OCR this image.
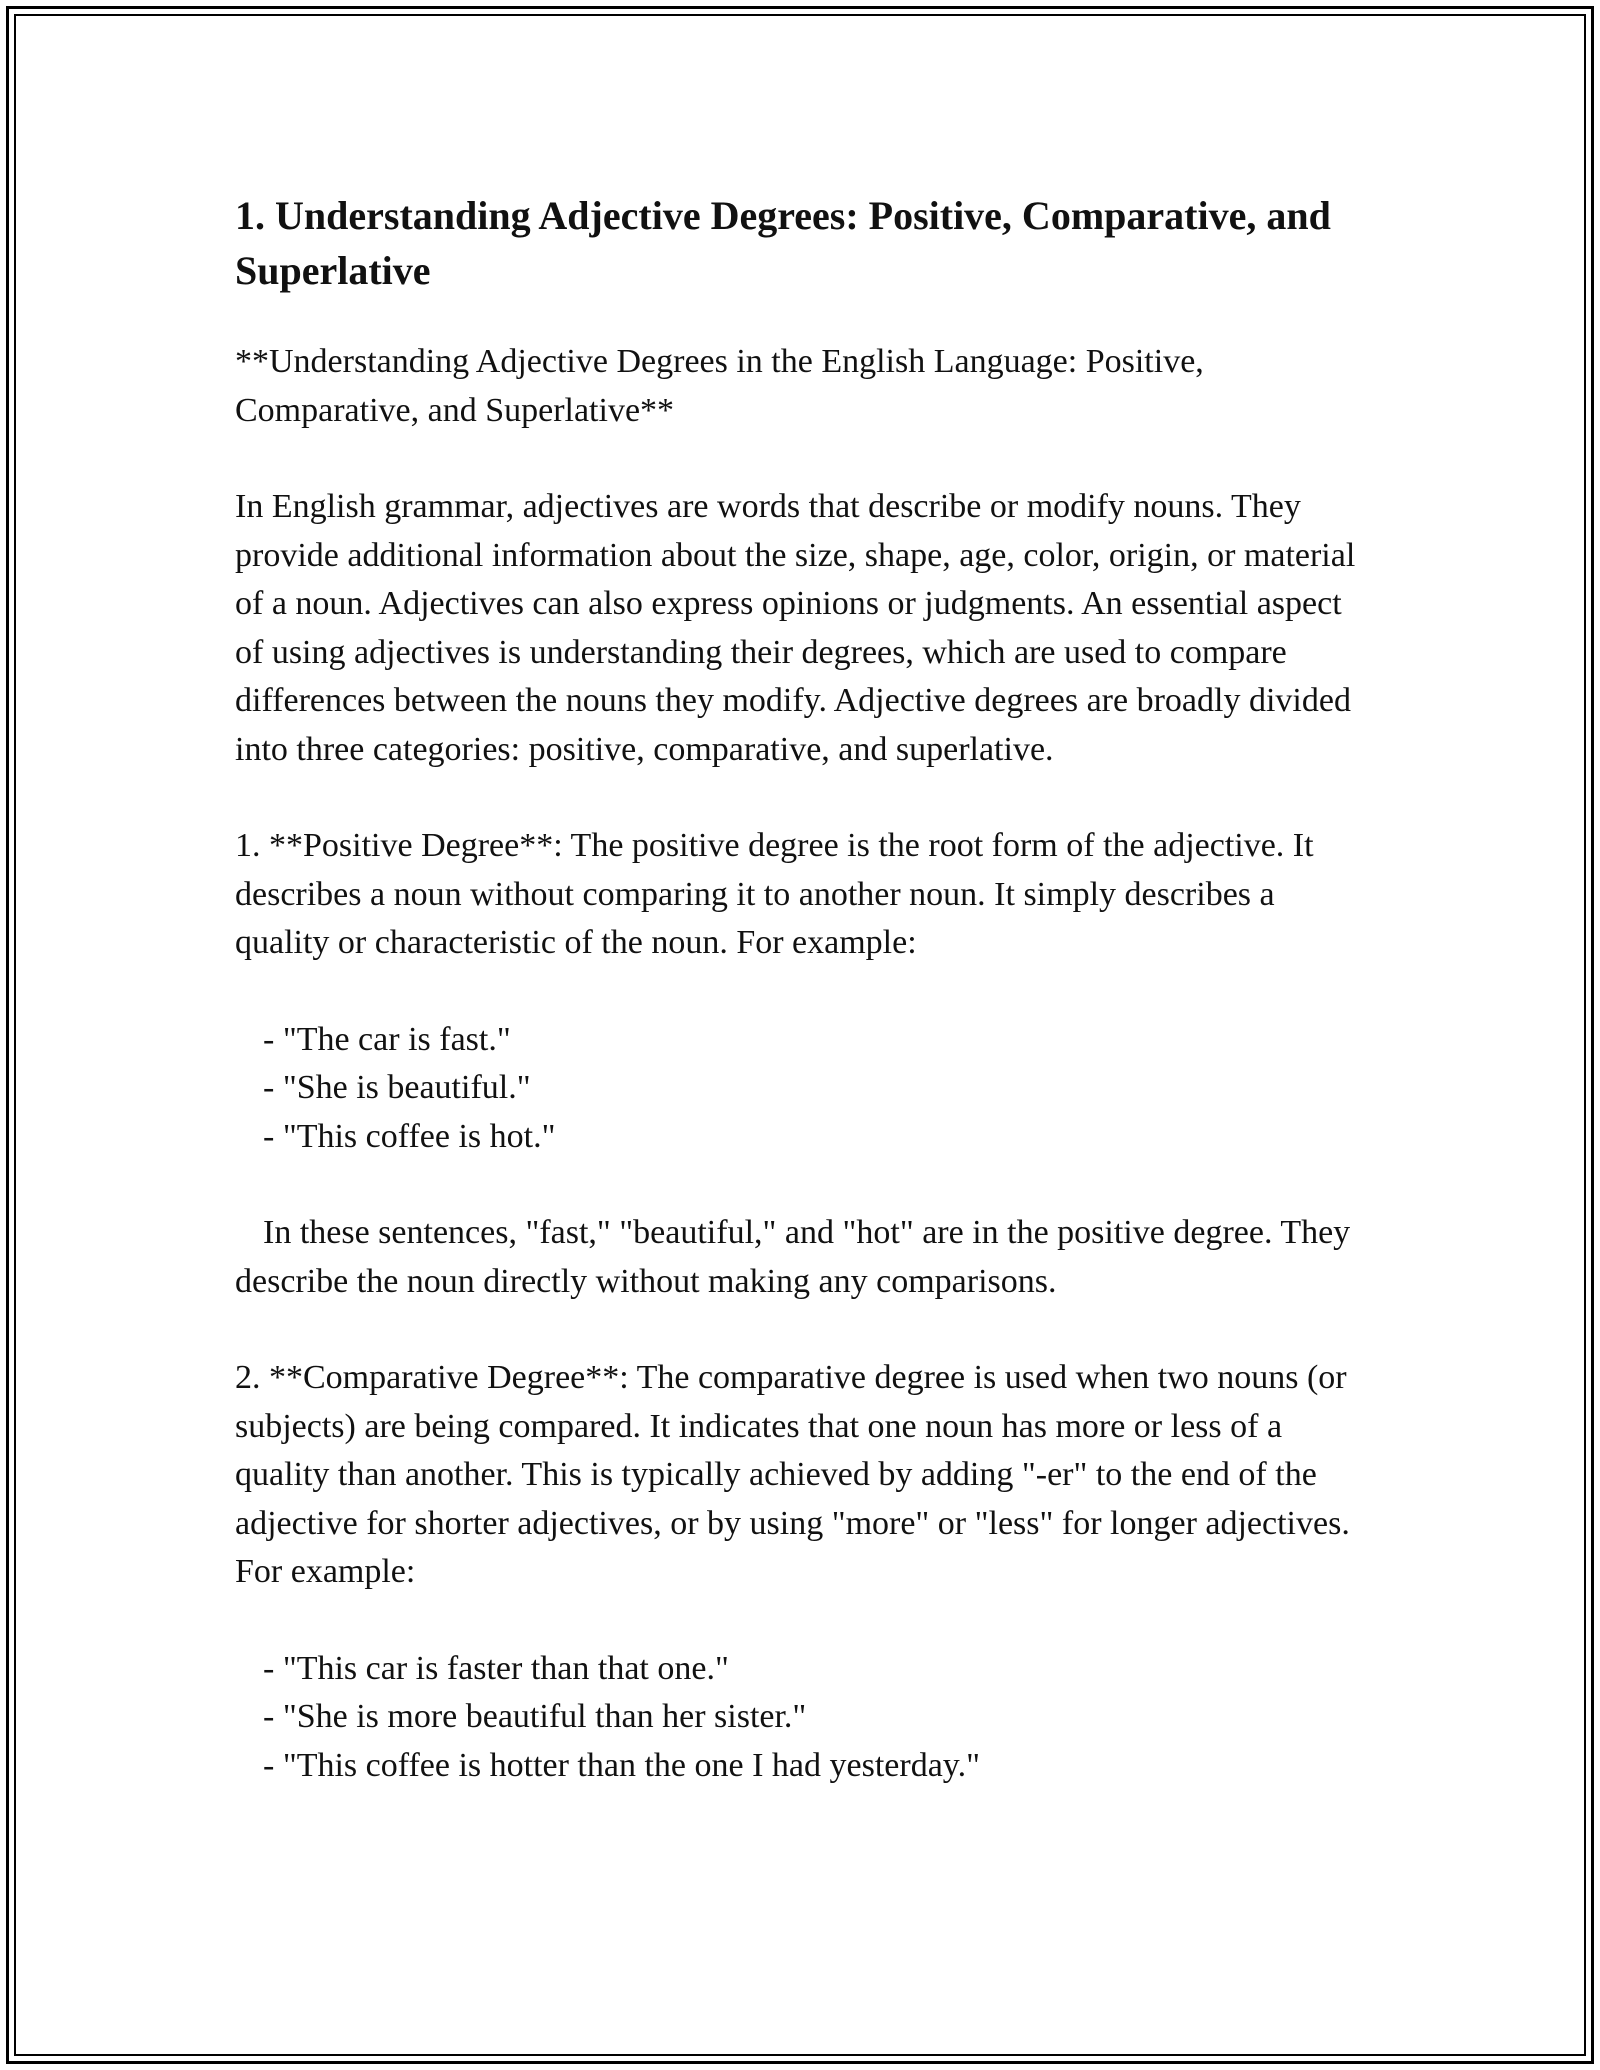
1. Understanding Adjective Degrees: Positive, Comparative, and Superlative

**Understanding Adjective Degrees in the English Language: Positive, Comparative, and Superlative**

In English grammar, adjectives are words that describe or modify nouns. They provide additional information about the size, shape, age, color, origin, or material of a noun. Adjectives can also express opinions or judgments. An essential aspect of using adjectives is understanding their degrees, which are used to compare differences between the nouns they modify. Adjective degrees are broadly divided into three categories: positive, comparative, and superlative.

1. **Positive Degree**: The positive degree is the root form of the adjective. It describes a noun without comparing it to another noun. It simply describes a quality or characteristic of the noun. For example:

- "The car is fast."
- "She is beautiful."
- "This coffee is hot."

In these sentences, "fast," "beautiful," and "hot" are in the positive degree. They describe the noun directly without making any comparisons.

2. **Comparative Degree**: The comparative degree is used when two nouns (or subjects) are being compared. It indicates that one noun has more or less of a quality than another. This is typically achieved by adding "-er" to the end of the adjective for shorter adjectives, or by using "more" or "less" for longer adjectives. For example:

- "This car is faster than that one."
- "She is more beautiful than her sister."
- "This coffee is hotter than the one I had yesterday."
